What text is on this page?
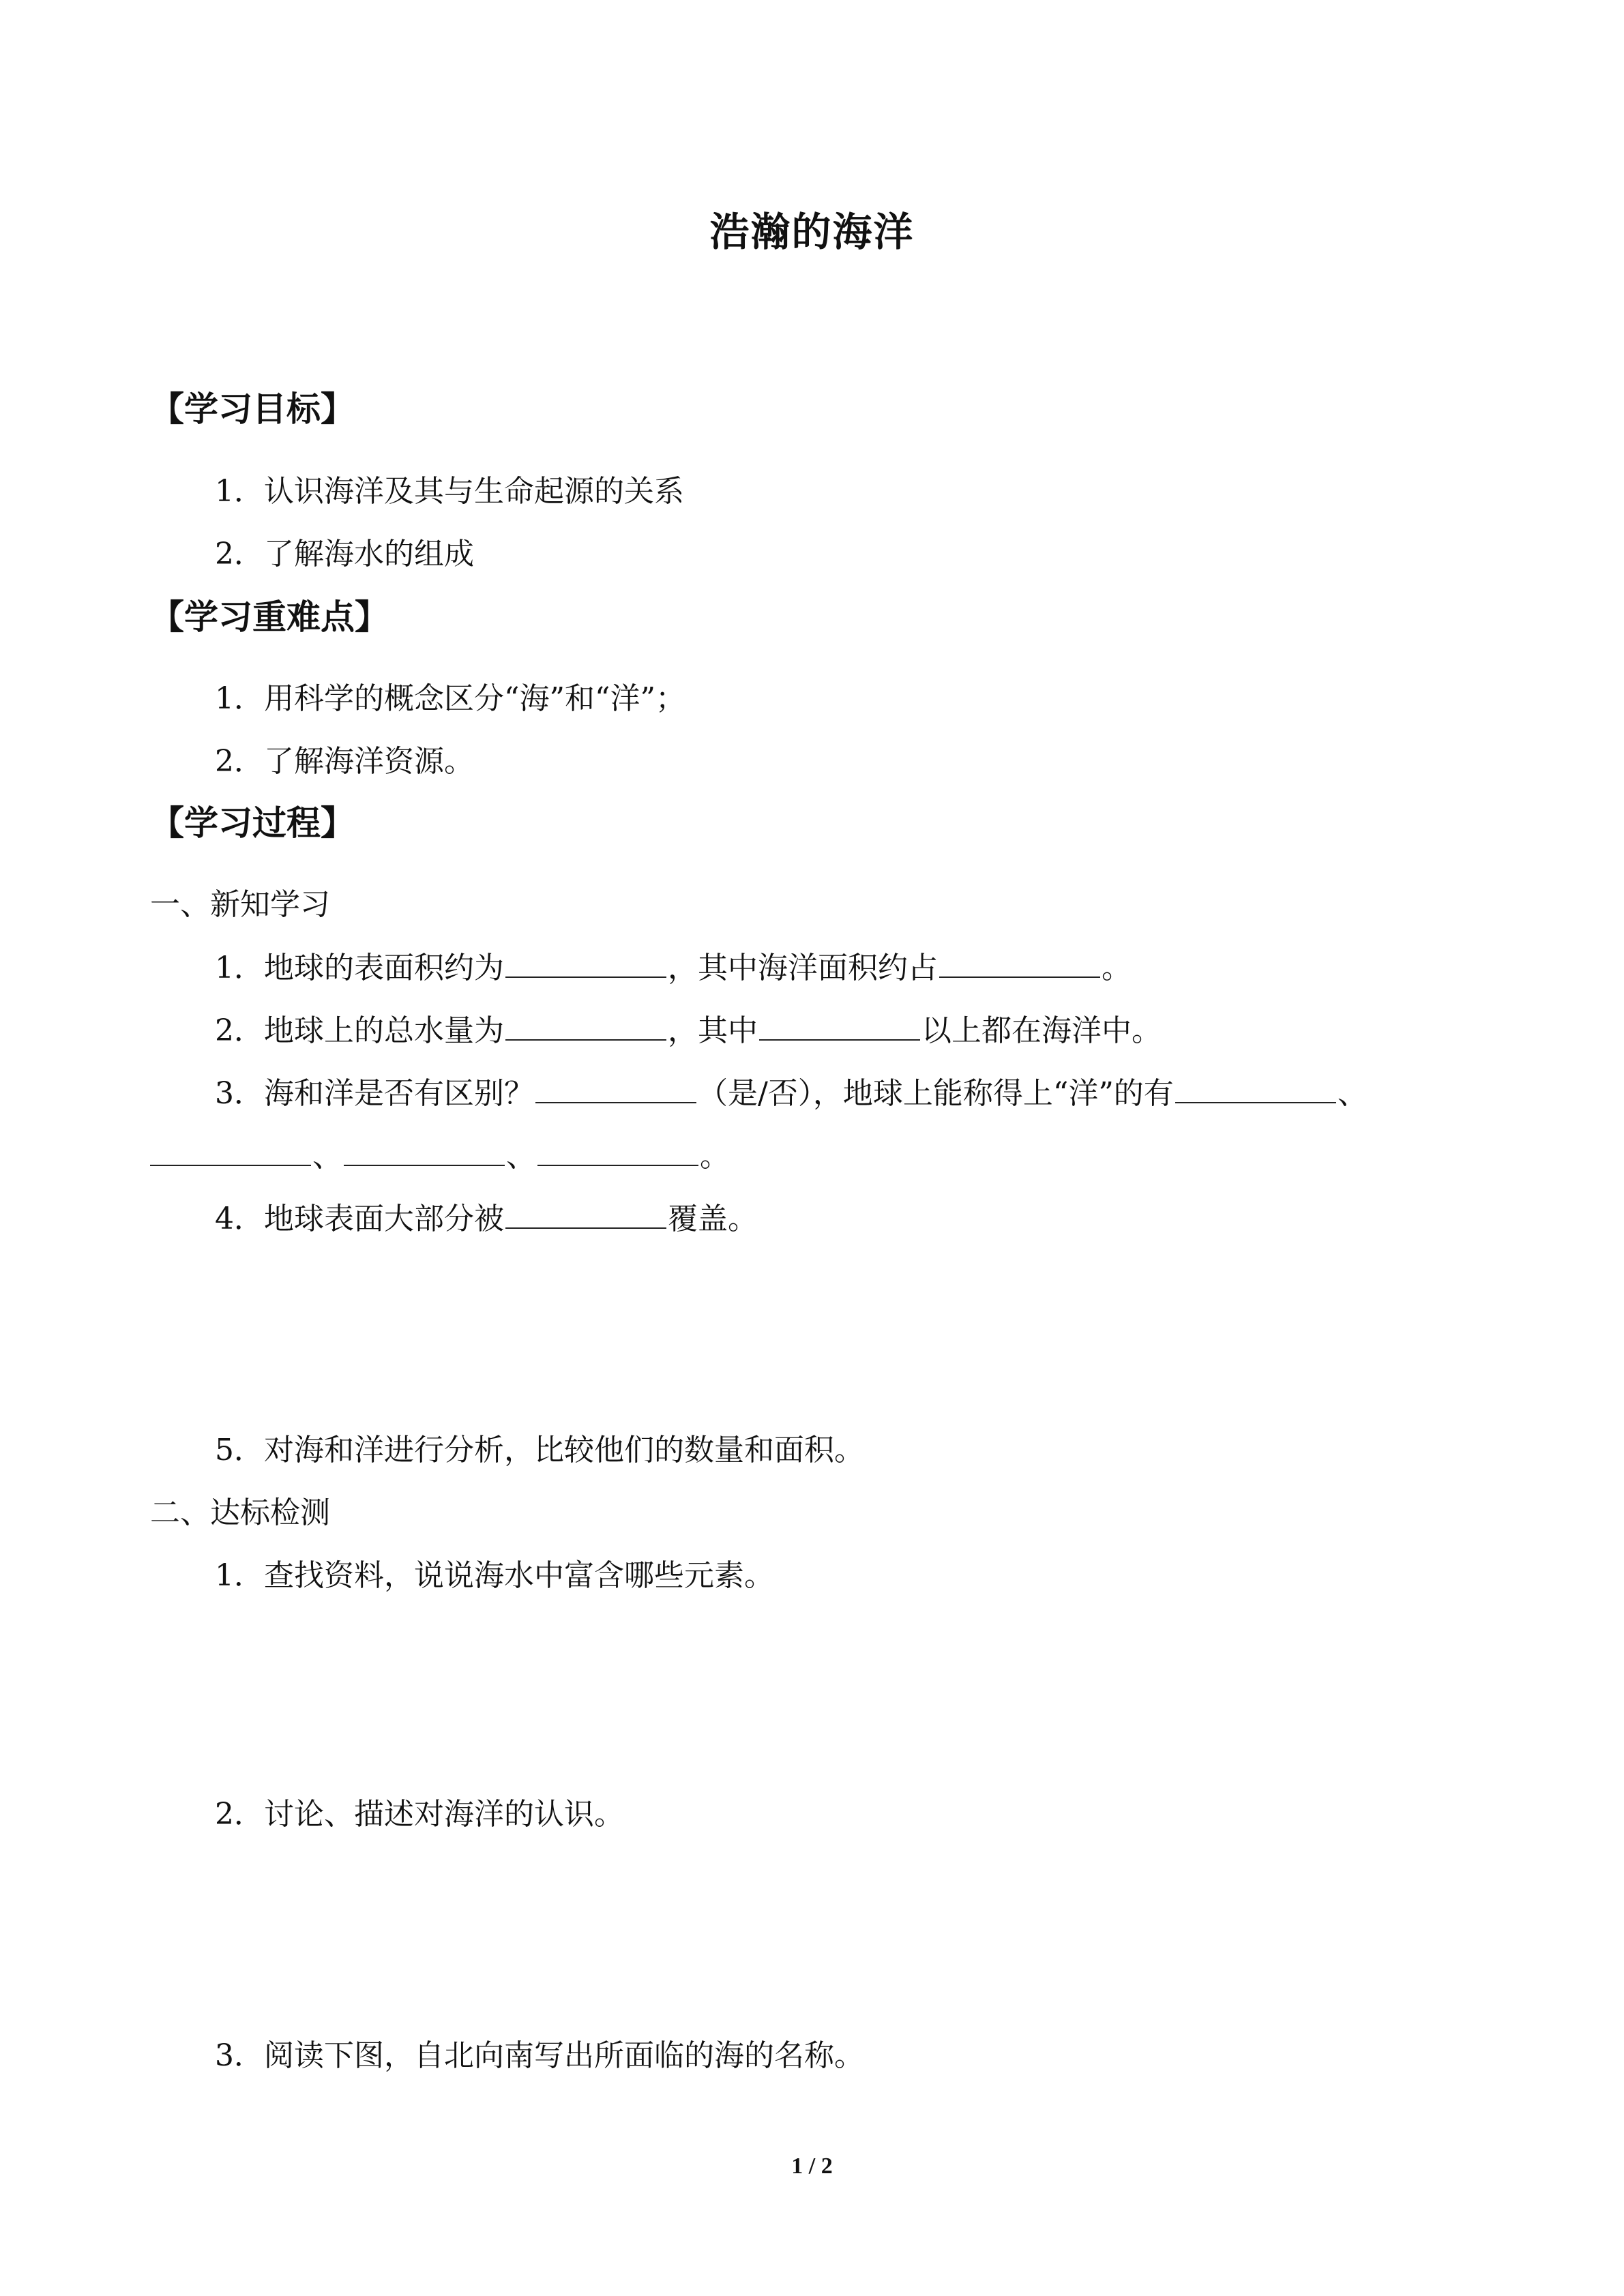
浩瀚的海洋
【学习目标】
1．认识海洋及其与生命起源的关系
2．了解海水的组成
【学习重难点】
1．用科学的概念区分“海”和“洋”；
2．了解海洋资源。
【学习过程】
一、新知学习
1．地球的表面积约为	，其中海洋面积约占	。
2．地球上的总水量为	，其中	以上都在海洋中。
3．海和洋是否有区别？	（是/否），地球上能称得上“洋”的有	、
、	、	。
4．地球表面大部分被	覆盖。
5．对海和洋进行分析，比较他们的数量和面积。
二、达标检测
1．查找资料，说说海水中富含哪些元素。
2．讨论、描述对海洋的认识。
3．阅读下图，自北向南写出所面临的海的名称。
1 / 2
